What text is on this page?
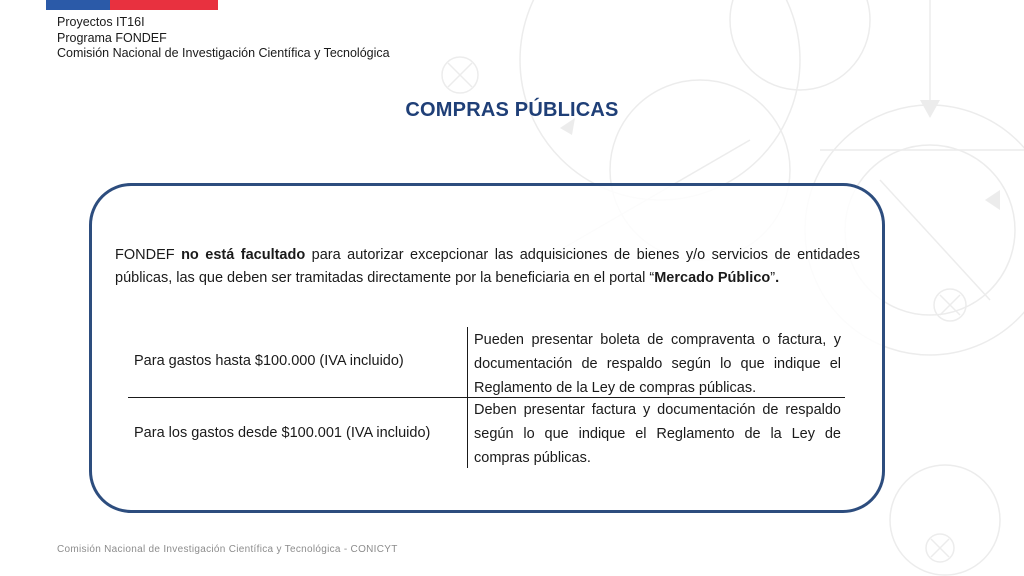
Proyectos IT16I
Programa FONDEF
Comisión Nacional de Investigación Científica y Tecnológica
COMPRAS PÚBLICAS
FONDEF no está facultado para autorizar excepcionar las adquisiciones de bienes y/o servicios de entidades públicas, las que deben ser tramitadas directamente por la beneficiaria en el portal “Mercado Público”.
Para gastos hasta $100.000 (IVA incluido)
Pueden presentar boleta de compraventa o factura, y documentación de respaldo según lo que indique el Reglamento de la Ley de compras públicas.
Para los gastos desde $100.001 (IVA incluido)
Deben presentar factura y documentación de respaldo según lo que indique el Reglamento de la Ley de compras públicas.
Comisión Nacional de Investigación Científica y Tecnológica - CONICYT
